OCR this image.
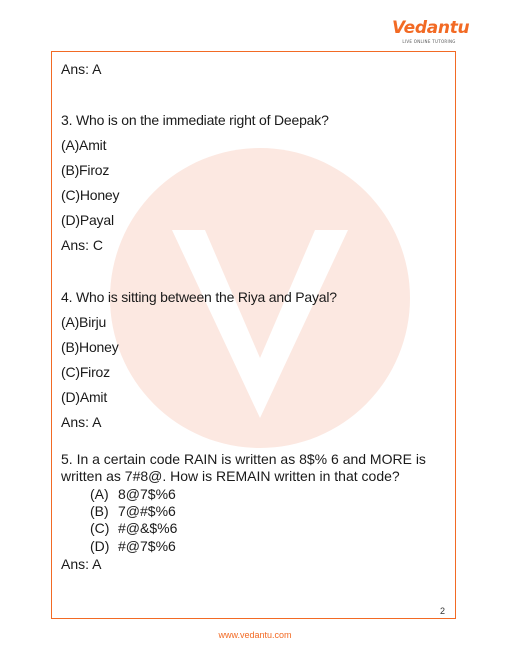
Vedantu
LIVE ONLINE TUTORING
Ans: A
3. Who is on the immediate right of Deepak?
(A)Amit
(B)Firoz
(C)Honey
(D)Payal
Ans: C
4. Who is sitting between the Riya and Payal?
(A)Birju
(B)Honey
(C)Firoz
(D)Amit
Ans: A
5. In a certain code RAIN is written as 8$% 6 and MORE is
written as 7#8@. How is REMAIN written in that code?
(A) 8@7$%6
(B) 7@#$%6
(C) #@&$%6
(D) #@7$%6
Ans: A
2
www.vedantu.com
